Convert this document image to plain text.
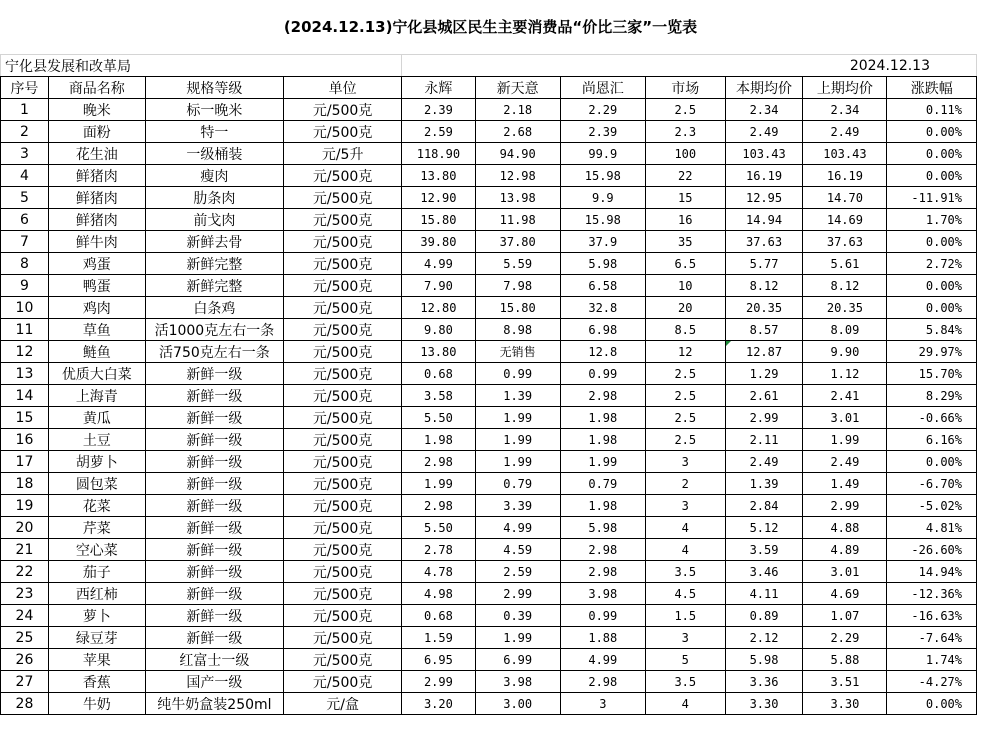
(2024.12.13)宁化县城区民生主要消费品“价比三家”一览表
宁化县发展和改革局				2024.12.13						
序号	商品名称	规格等级	单位	永辉	新天意	尚恩汇	市场	本期均价	上期均价	涨跌幅
1	晚米	标一晚米	元/500克	2.39	2.18	2.29	2.5	2.34	2.34	0.11%
2	面粉	特一	元/500克	2.59	2.68	2.39	2.3	2.49	2.49	0.00%
3	花生油	一级桶装	元/5升	118.90	94.90	99.9	100	103.43	103.43	0.00%
4	鲜猪肉	瘦肉	元/500克	13.80	12.98	15.98	22	16.19	16.19	0.00%
5	鲜猪肉	肋条肉	元/500克	12.90	13.98	9.9	15	12.95	14.70	-11.91%
6	鲜猪肉	前戈肉	元/500克	15.80	11.98	15.98	16	14.94	14.69	1.70%
7	鲜牛肉	新鲜去骨	元/500克	39.80	37.80	37.9	35	37.63	37.63	0.00%
8	鸡蛋	新鲜完整	元/500克	4.99	5.59	5.98	6.5	5.77	5.61	2.72%
9	鸭蛋	新鲜完整	元/500克	7.90	7.98	6.58	10	8.12	8.12	0.00%
10	鸡肉	白条鸡	元/500克	12.80	15.80	32.8	20	20.35	20.35	0.00%
11	草鱼	活1000克左右一条	元/500克	9.80	8.98	6.98	8.5	8.57	8.09	5.84%
12	鲢鱼	活750克左右一条	元/500克	13.80	无销售	12.8	12	12.87	9.90	29.97%
13	优质大白菜	新鲜一级	元/500克	0.68	0.99	0.99	2.5	1.29	1.12	15.70%
14	上海青	新鲜一级	元/500克	3.58	1.39	2.98	2.5	2.61	2.41	8.29%
15	黄瓜	新鲜一级	元/500克	5.50	1.99	1.98	2.5	2.99	3.01	-0.66%
16	土豆	新鲜一级	元/500克	1.98	1.99	1.98	2.5	2.11	1.99	6.16%
17	胡萝卜	新鲜一级	元/500克	2.98	1.99	1.99	3	2.49	2.49	0.00%
18	圆包菜	新鲜一级	元/500克	1.99	0.79	0.79	2	1.39	1.49	-6.70%
19	花菜	新鲜一级	元/500克	2.98	3.39	1.98	3	2.84	2.99	-5.02%
20	芹菜	新鲜一级	元/500克	5.50	4.99	5.98	4	5.12	4.88	4.81%
21	空心菜	新鲜一级	元/500克	2.78	4.59	2.98	4	3.59	4.89	-26.60%
22	茄子	新鲜一级	元/500克	4.78	2.59	2.98	3.5	3.46	3.01	14.94%
23	西红柿	新鲜一级	元/500克	4.98	2.99	3.98	4.5	4.11	4.69	-12.36%
24	萝卜	新鲜一级	元/500克	0.68	0.39	0.99	1.5	0.89	1.07	-16.63%
25	绿豆芽	新鲜一级	元/500克	1.59	1.99	1.88	3	2.12	2.29	-7.64%
26	苹果	红富士一级	元/500克	6.95	6.99	4.99	5	5.98	5.88	1.74%
27	香蕉	国产一级	元/500克	2.99	3.98	2.98	3.5	3.36	3.51	-4.27%
28	牛奶	纯牛奶盒装250ml	元/盒	3.20	3.00	3	4	3.30	3.30	0.00%
